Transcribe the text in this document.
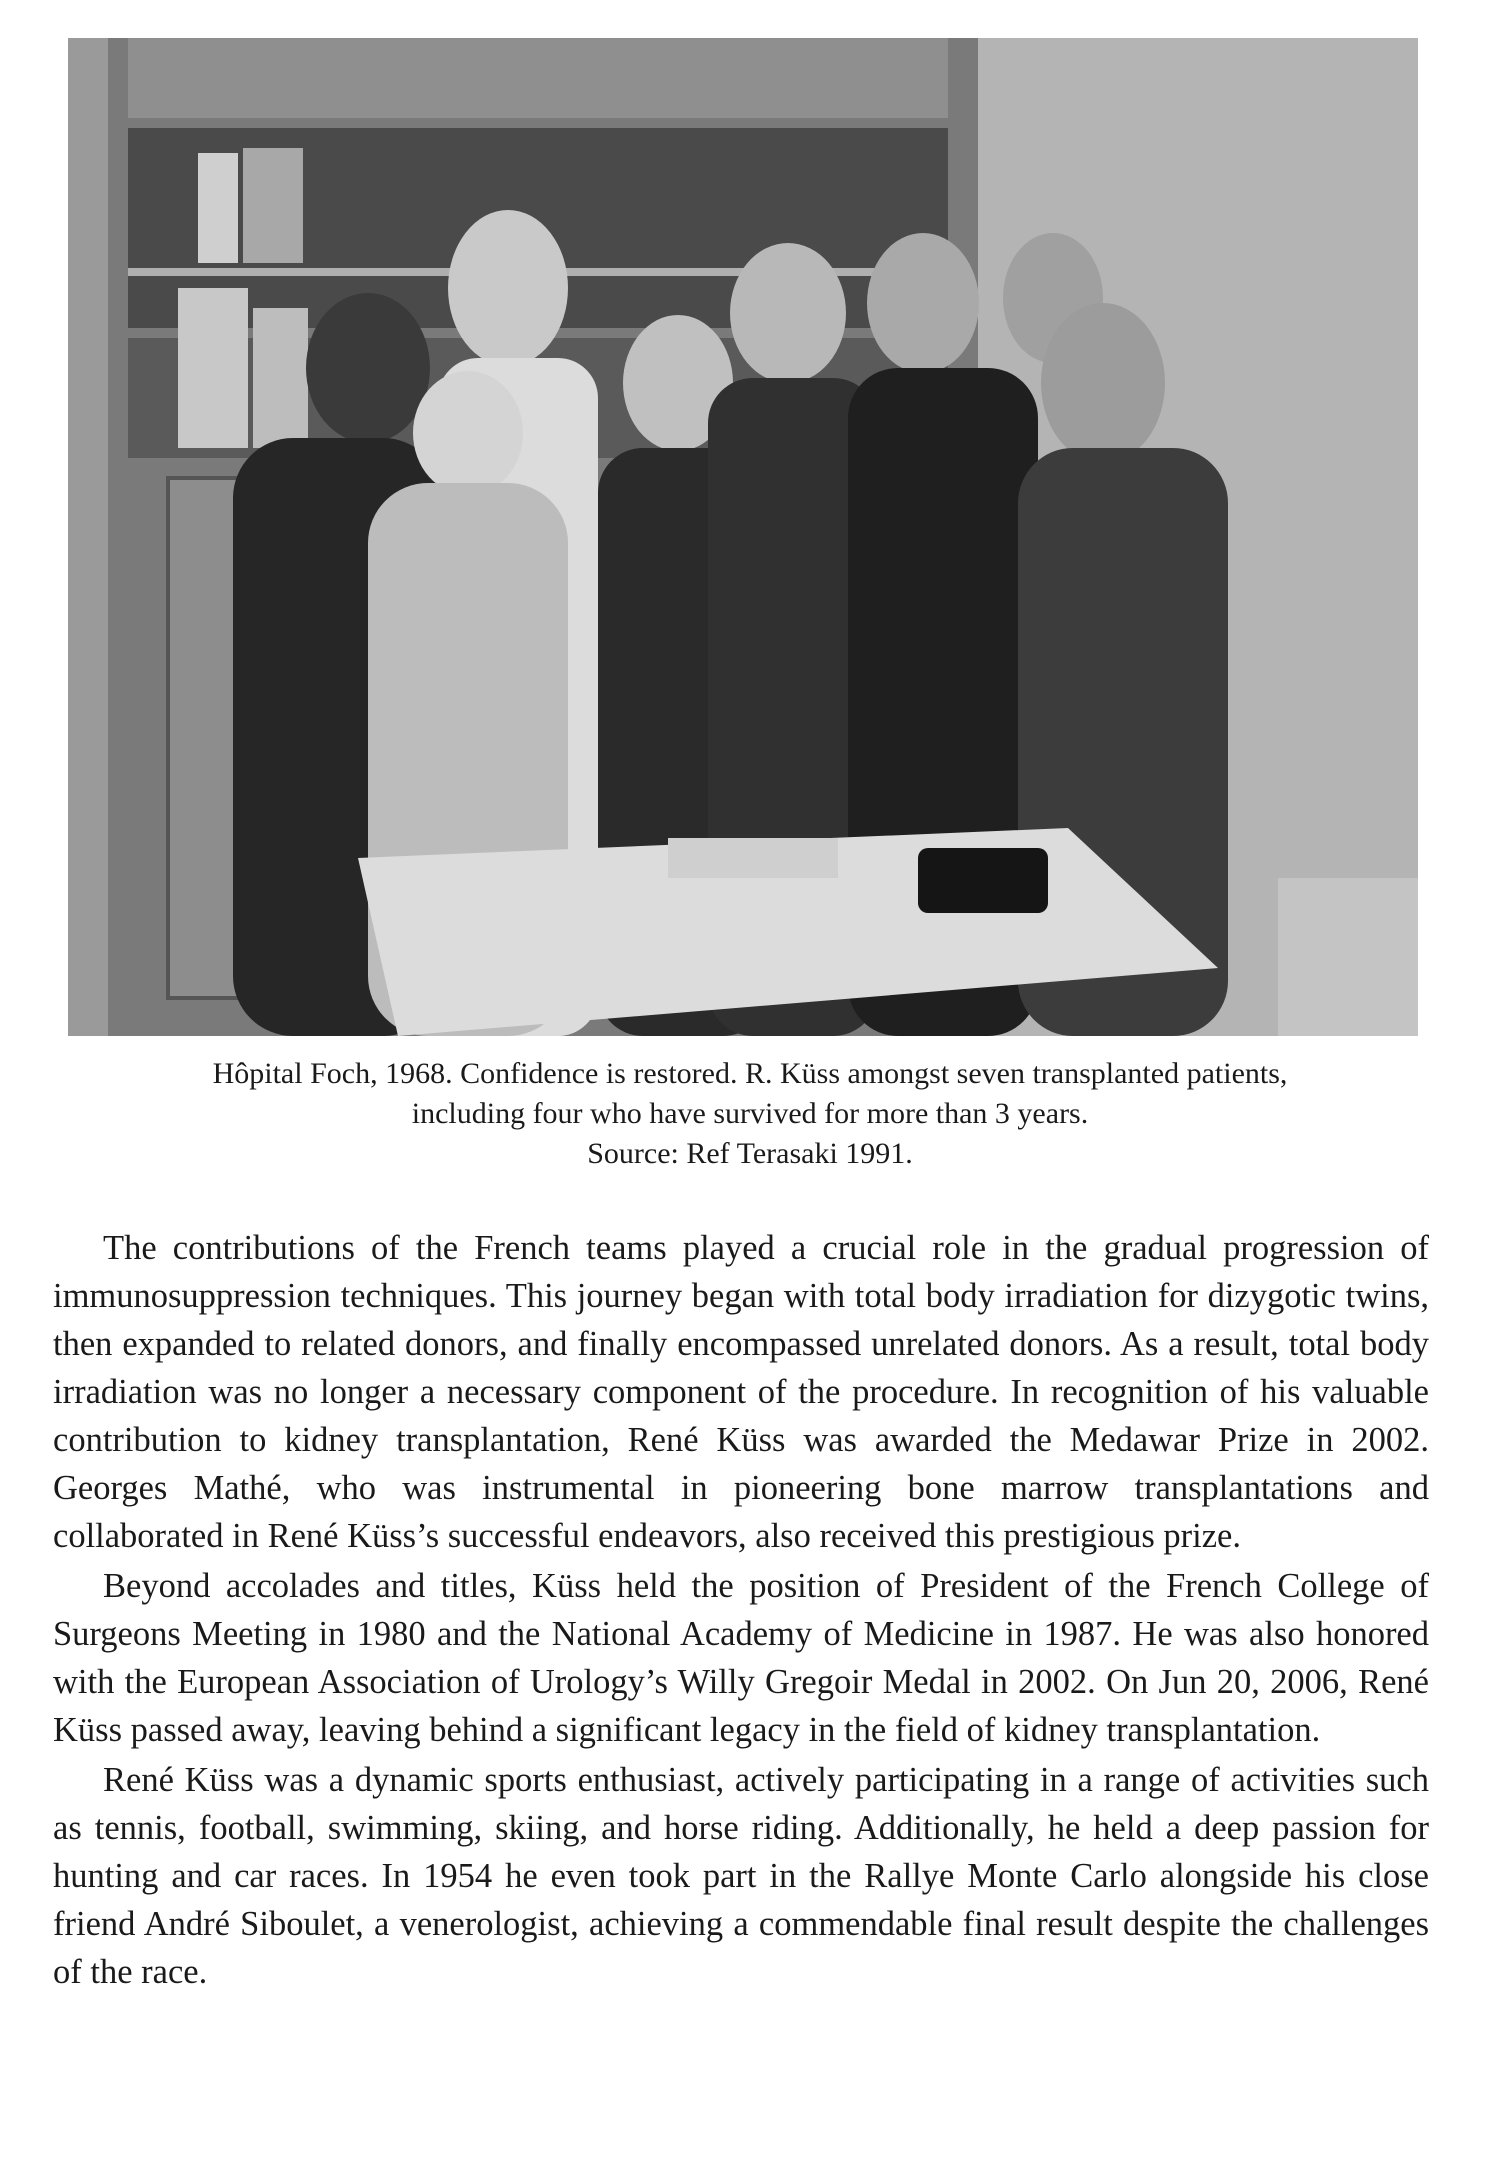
Hôpital Foch, 1968. Confidence is restored. R. Küss amongst seven transplanted patients,
including four who have survived for more than 3 years.
Source: Ref Terasaki 1991.

The contributions of the French teams played a crucial role in the gradual progression of immunosuppression techniques. This journey began with total body irradiation for dizygotic twins, then expanded to related donors, and finally encompassed unrelated donors. As a result, total body irradiation was no longer a necessary component of the procedure. In recognition of his valuable contribution to kidney transplantation, René Küss was awarded the Medawar Prize in 2002. Georges Mathé, who was instrumental in pioneering bone marrow transplantations and collaborated in René Küss’s successful endeavors, also received this prestigious prize.

Beyond accolades and titles, Küss held the position of President of the French College of Surgeons Meeting in 1980 and the National Academy of Medicine in 1987. He was also honored with the European Association of Urology’s Willy Gregoir Medal in 2002. On Jun 20, 2006, René Küss passed away, leaving behind a significant legacy in the field of kidney transplantation.

René Küss was a dynamic sports enthusiast, actively participating in a range of activities such as tennis, football, swimming, skiing, and horse riding. Additionally, he held a deep passion for hunting and car races. In 1954 he even took part in the Rallye Monte Carlo alongside his close friend André Siboulet, a venerologist, achieving a commendable final result despite the challenges of the race.
